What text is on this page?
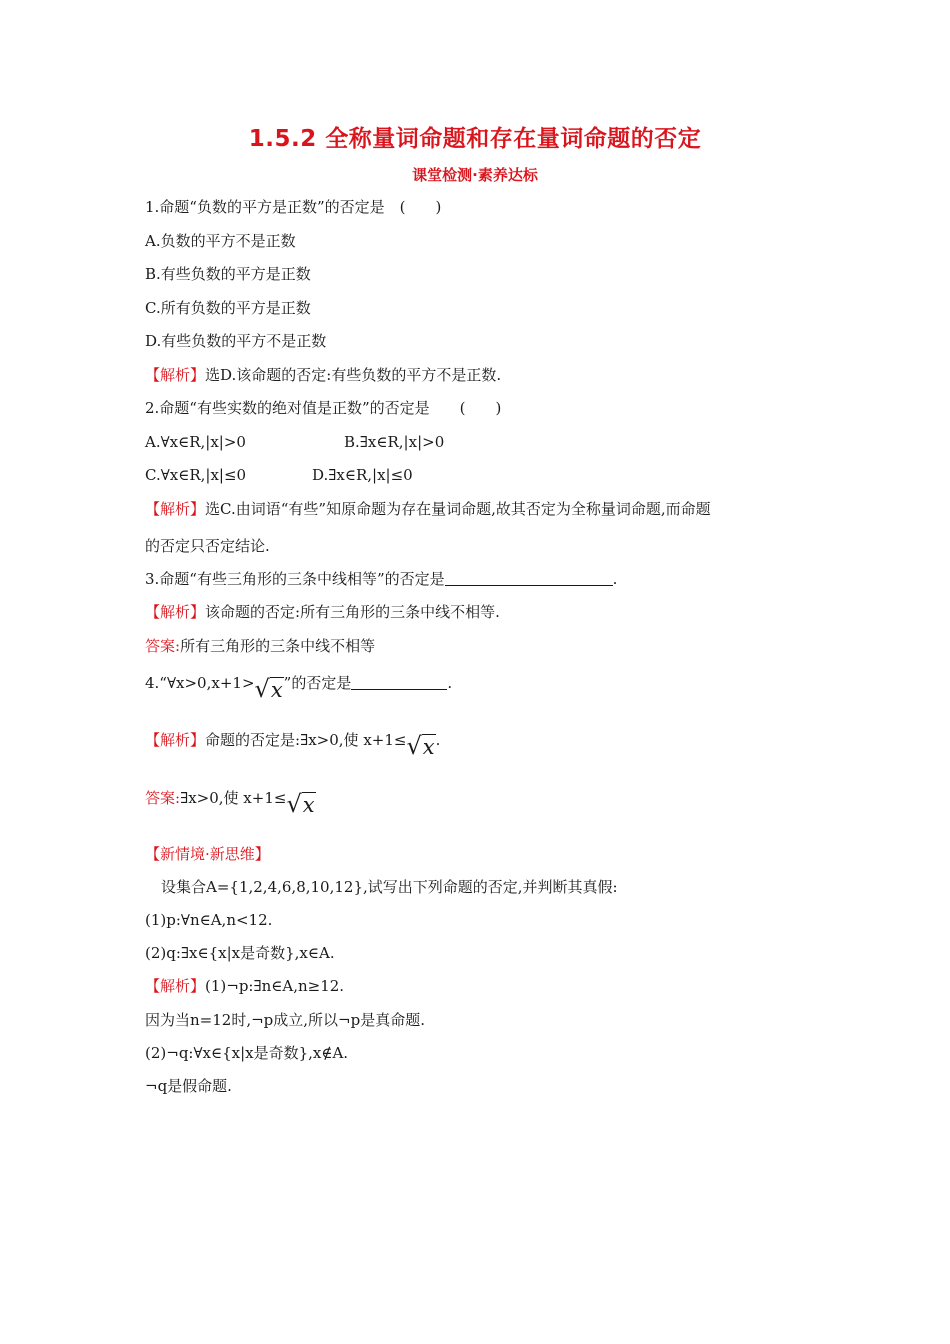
1.5.2 全称量词命题和存在量词命题的否定
课堂检测·素养达标
1.命题“负数的平方是正数”的否定是　(　　)
A.负数的平方不是正数
B.有些负数的平方是正数
C.所有负数的平方是正数
D.有些负数的平方不是正数
【解析】选D.该命题的否定:有些负数的平方不是正数.
2.命题“有些实数的绝对值是正数”的否定是　　(　　)
A.∀x∈R,|x|>0	B.∃x∈R,|x|>0
C.∀x∈R,|x|≤0	D.∃x∈R,|x|≤0
【解析】选C.由词语“有些”知原命题为存在量词命题,故其否定为全称量词命题,而命题
的否定只否定结论.
3.命题“有些三角形的三条中线相等”的否定是	.
【解析】该命题的否定:所有三角形的三条中线不相等.
答案:所有三角形的三条中线不相等
4.“∀x>0,x+1>√x”的否定是	.
【解析】命题的否定是:∃x>0,使 x+1≤√x.
答案:∃x>0,使 x+1≤√x
【新情境·新思维】
设集合A={1,2,4,6,8,10,12},试写出下列命题的否定,并判断其真假:
(1)p:∀n∈A,n<12.
(2)q:∃x∈{x|x是奇数},x∈A.
【解析】(1)¬p:∃n∈A,n≥12.
因为当n=12时,¬p成立,所以¬p是真命题.
(2)¬q:∀x∈{x|x是奇数},x∉A.
¬q是假命题.
